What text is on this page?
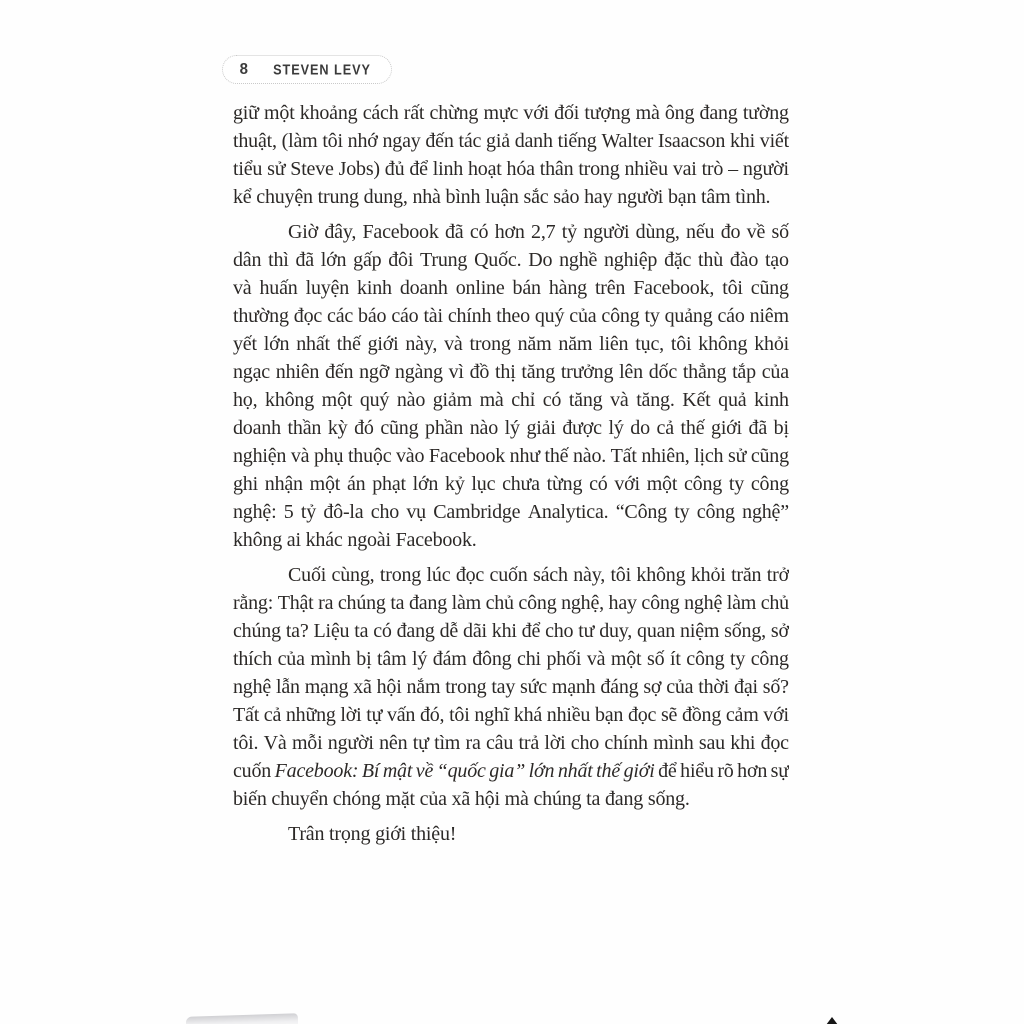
8 STEVEN LEVY
giữ một khoảng cách rất chừng mực với đối tượng mà ông đang tường
thuật, (làm tôi nhớ ngay đến tác giả danh tiếng Walter Isaacson khi viết
tiểu sử Steve Jobs) đủ để linh hoạt hóa thân trong nhiều vai trò – người
kể chuyện trung dung, nhà bình luận sắc sảo hay người bạn tâm tình.
Giờ đây, Facebook đã có hơn 2,7 tỷ người dùng, nếu đo về số
dân thì đã lớn gấp đôi Trung Quốc. Do nghề nghiệp đặc thù đào tạo
và huấn luyện kinh doanh online bán hàng trên Facebook, tôi cũng
thường đọc các báo cáo tài chính theo quý của công ty quảng cáo niêm
yết lớn nhất thế giới này, và trong năm năm liên tục, tôi không khỏi
ngạc nhiên đến ngỡ ngàng vì đồ thị tăng trưởng lên dốc thẳng tắp của
họ, không một quý nào giảm mà chỉ có tăng và tăng. Kết quả kinh
doanh thần kỳ đó cũng phần nào lý giải được lý do cả thế giới đã bị
nghiện và phụ thuộc vào Facebook như thế nào. Tất nhiên, lịch sử cũng
ghi nhận một án phạt lớn kỷ lục chưa từng có với một công ty công
nghệ: 5 tỷ đô-la cho vụ Cambridge Analytica. “Công ty công nghệ”
không ai khác ngoài Facebook.
Cuối cùng, trong lúc đọc cuốn sách này, tôi không khỏi trăn trở
rằng: Thật ra chúng ta đang làm chủ công nghệ, hay công nghệ làm chủ
chúng ta? Liệu ta có đang dễ dãi khi để cho tư duy, quan niệm sống, sở
thích của mình bị tâm lý đám đông chi phối và một số ít công ty công
nghệ lẫn mạng xã hội nắm trong tay sức mạnh đáng sợ của thời đại số?
Tất cả những lời tự vấn đó, tôi nghĩ khá nhiều bạn đọc sẽ đồng cảm với
tôi. Và mỗi người nên tự tìm ra câu trả lời cho chính mình sau khi đọc
cuốn Facebook: Bí mật về “quốc gia” lớn nhất thế giới để hiểu rõ hơn sự
biến chuyển chóng mặt của xã hội mà chúng ta đang sống.
Trân trọng giới thiệu!
